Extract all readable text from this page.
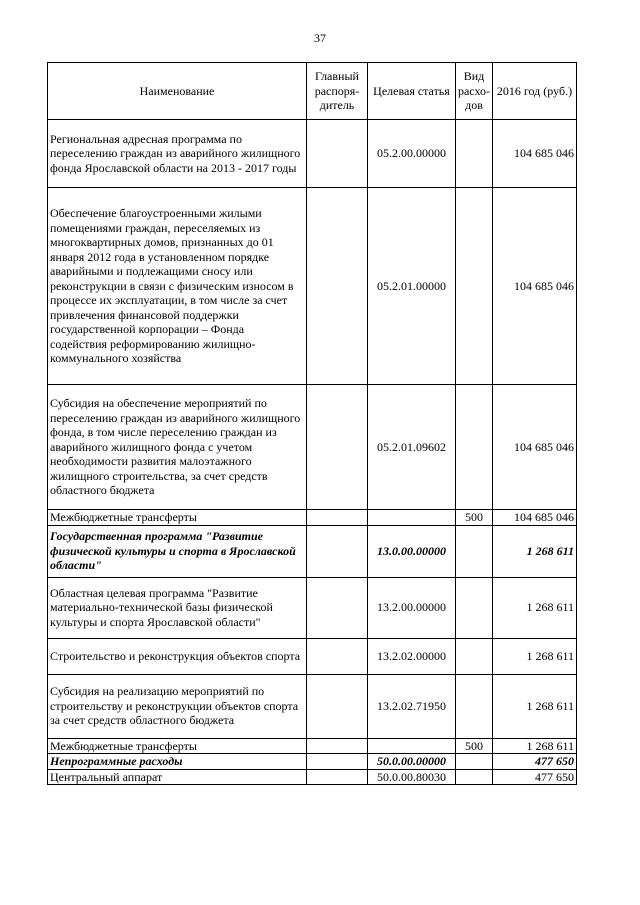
37
Наименование	Главный распоря-дитель	Целевая статья	Вид расхо-дов	2016 год (руб.)
Региональная адресная программа по переселению граждан из аварийного жилищного фонда Ярославской области на 2013 - 2017 годы		05.2.00.00000		104 685 046
Обеспечение благоустроенными жилыми помещениями граждан, переселяемых из многоквартирных домов, признанных до 01 января 2012 года в установленном порядке аварийными и подлежащими сносу или реконструкции в связи с физическим износом в процессе их эксплуатации, в том числе за счет привлечения финансовой поддержки государственной корпорации – Фонда содействия реформированию жилищно-коммунального хозяйства		05.2.01.00000		104 685 046
Субсидия на обеспечение мероприятий по переселению граждан из аварийного жилищного фонда, в том числе переселению граждан из аварийного жилищного фонда с учетом необходимости развития малоэтажного жилищного строительства, за счет средств областного бюджета		05.2.01.09602		104 685 046
Межбюджетные трансферты			500	104 685 046
Государственная программа "Развитие физической культуры и спорта в Ярославской области"		13.0.00.00000		1 268 611
Областная целевая программа "Развитие материально-технической базы физической культуры и спорта Ярославской области"		13.2.00.00000		1 268 611
Строительство и реконструкция объектов спорта		13.2.02.00000		1 268 611
Субсидия на реализацию мероприятий по строительству и реконструкции объектов спорта за счет средств областного бюджета		13.2.02.71950		1 268 611
Межбюджетные трансферты			500	1 268 611
Непрограммные расходы		50.0.00.00000		477 650
Центральный аппарат		50.0.00.80030		477 650
